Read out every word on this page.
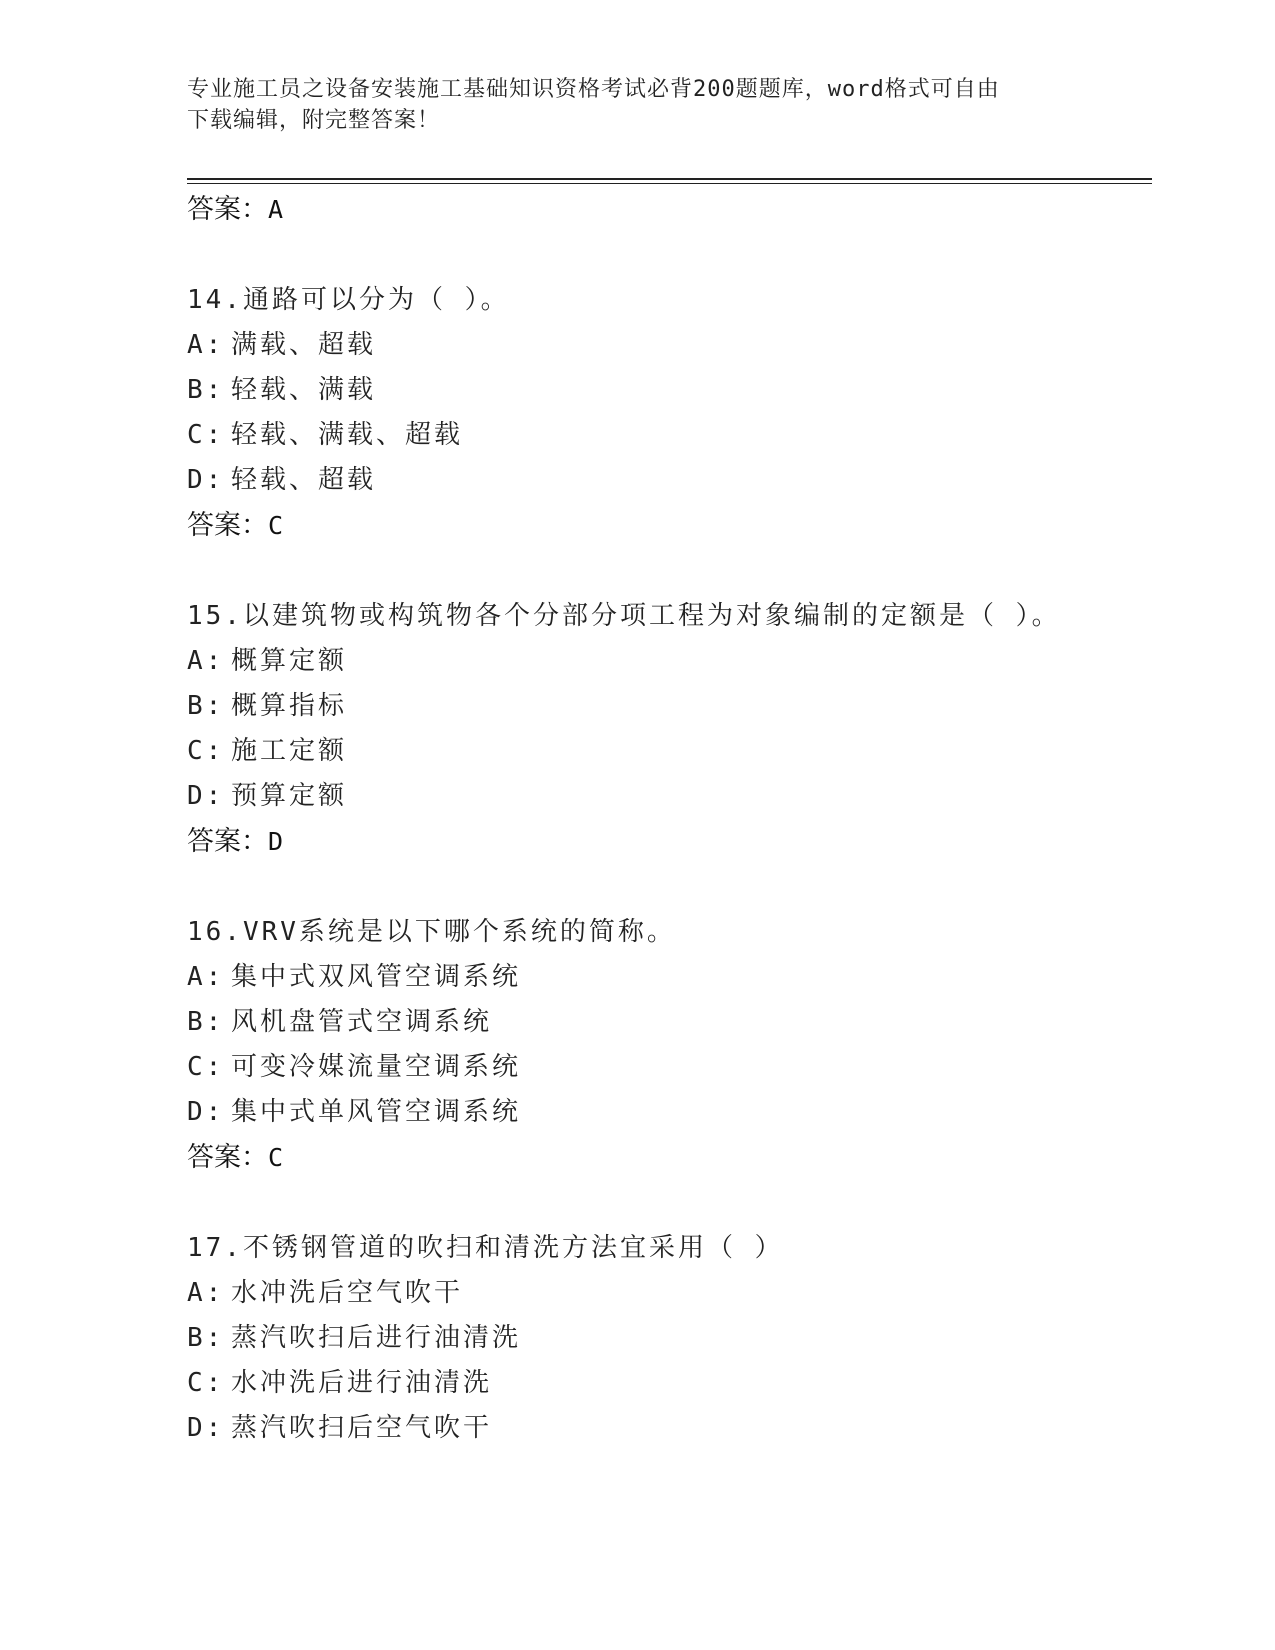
专业施工员之设备安装施工基础知识资格考试必背200题题库，word格式可自由
下载编辑，附完整答案！
答案：A
14.通路可以分为（ ）。
A: 满载、超载
B: 轻载、满载
C: 轻载、满载、超载
D: 轻载、超载
答案：C
15.以建筑物或构筑物各个分部分项工程为对象编制的定额是（ ）。
A: 概算定额
B: 概算指标
C: 施工定额
D: 预算定额
答案：D
16.VRV系统是以下哪个系统的简称。
A: 集中式双风管空调系统
B: 风机盘管式空调系统
C: 可变冷媒流量空调系统
D: 集中式单风管空调系统
答案：C
17.不锈钢管道的吹扫和清洗方法宜采用（ ）
A: 水冲洗后空气吹干
B: 蒸汽吹扫后进行油清洗
C: 水冲洗后进行油清洗
D: 蒸汽吹扫后空气吹干
